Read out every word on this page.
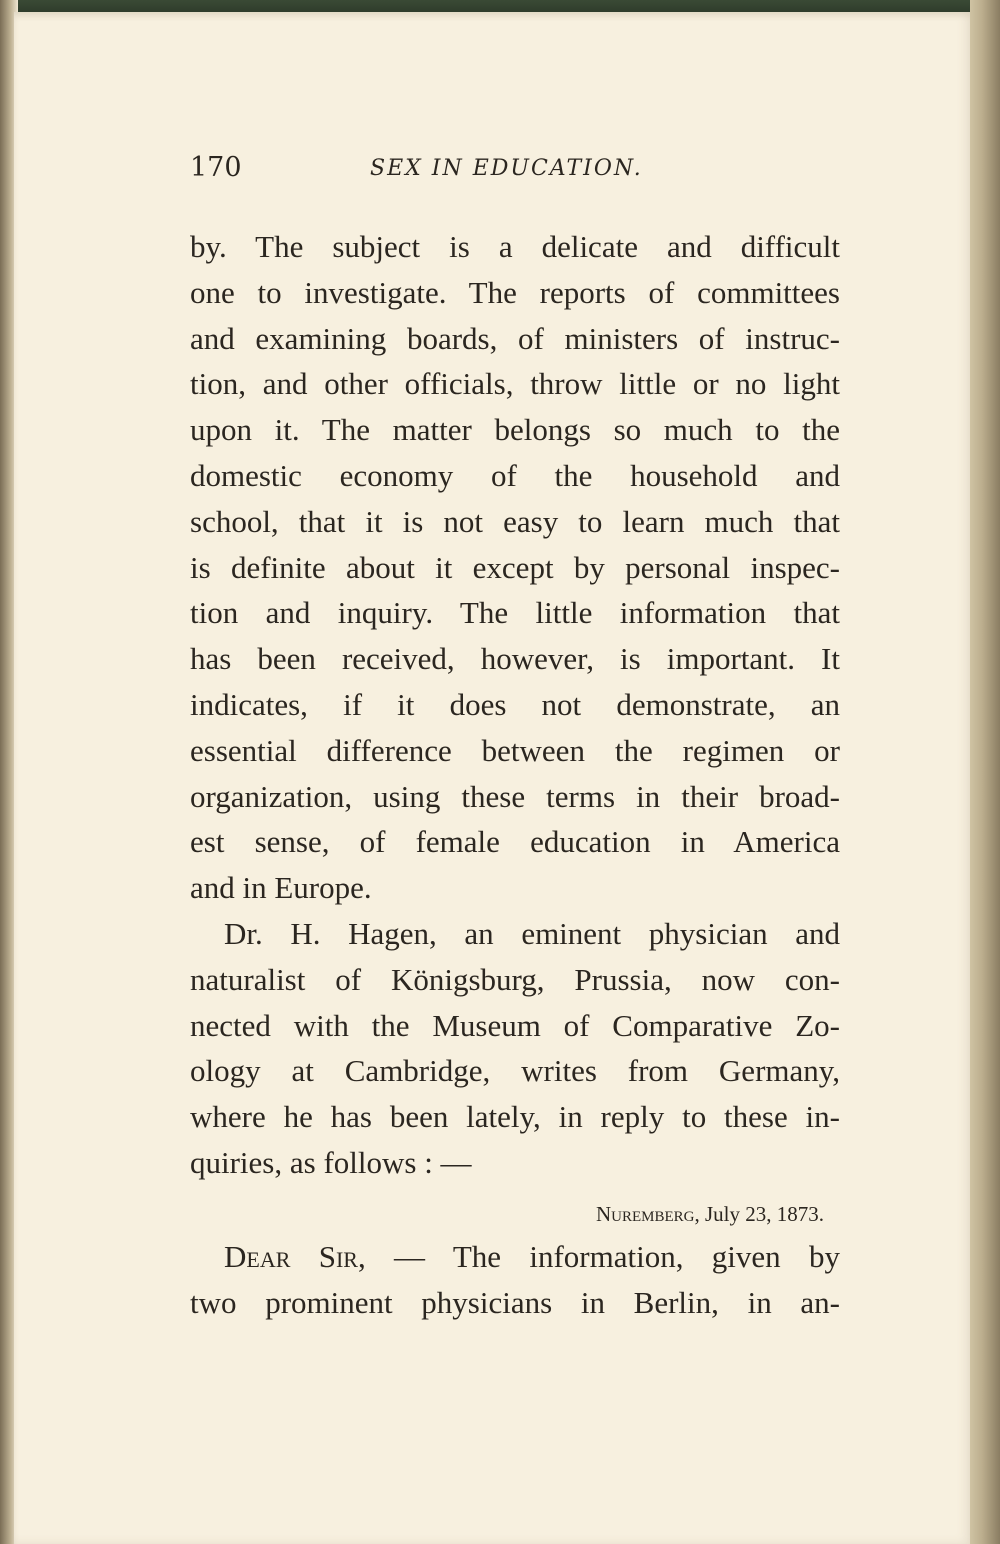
170	SEX IN EDUCATION.
by. The subject is a delicate and difficult
one to investigate. The reports of committees
and examining boards, of ministers of instruc-
tion, and other officials, throw little or no light
upon it. The matter belongs so much to the
domestic economy of the household and
school, that it is not easy to learn much that
is definite about it except by personal inspec-
tion and inquiry. The little information that
has been received, however, is important. It
indicates, if it does not demonstrate, an
essential difference between the regimen or
organization, using these terms in their broad-
est sense, of female education in America
and in Europe.
Dr. H. Hagen, an eminent physician and
naturalist of Königsburg, Prussia, now con-
nected with the Museum of Comparative Zo-
ology at Cambridge, writes from Germany,
where he has been lately, in reply to these in-
quiries, as follows : —
Nuremberg, July 23, 1873.
Dear Sir, — The information, given by
two prominent physicians in Berlin, in an-
